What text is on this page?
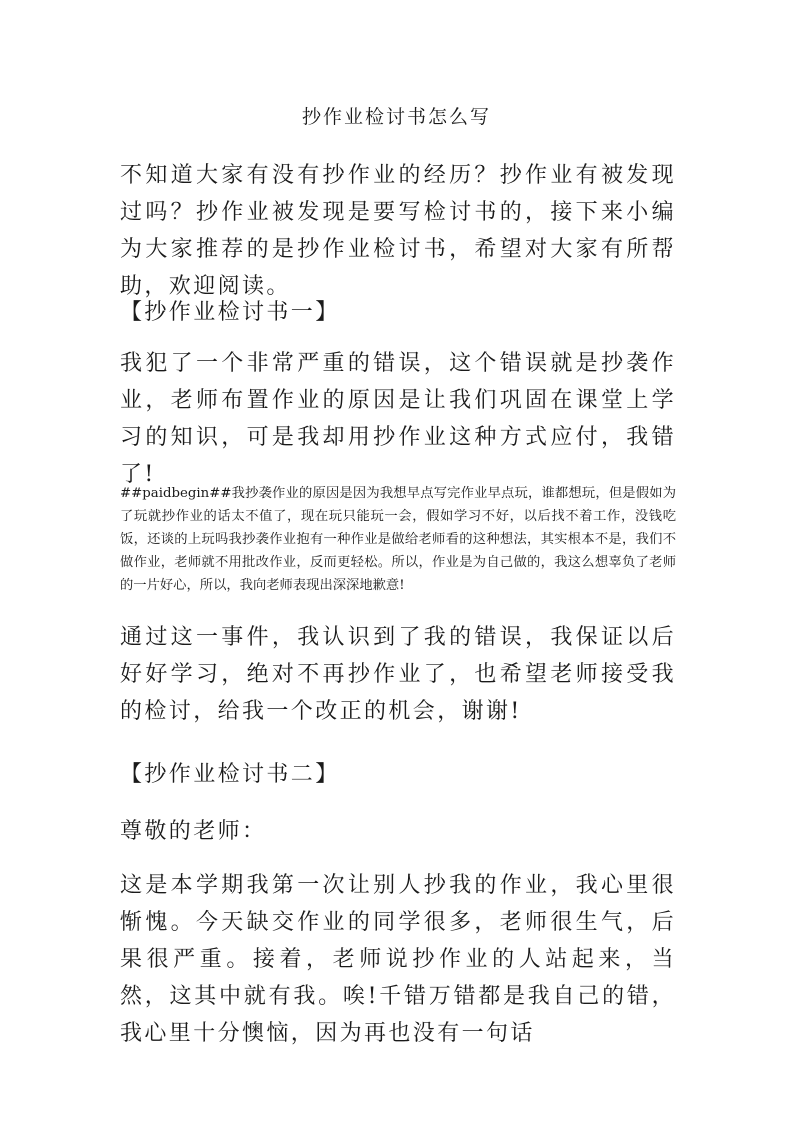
抄作业检讨书怎么写

不知道大家有没有抄作业的经历？抄作业有被发现过吗？抄作业被发现是要写检讨书的，接下来小编为大家推荐的是抄作业检讨书，希望对大家有所帮助，欢迎阅读。

【抄作业检讨书一】

我犯了一个非常严重的错误，这个错误就是抄袭作业，老师布置作业的原因是让我们巩固在课堂上学习的知识，可是我却用抄作业这种方式应付，我错了!

##paidbegin##我抄袭作业的原因是因为我想早点写完作业早点玩，谁都想玩，但是假如为了玩就抄作业的话太不值了，现在玩只能玩一会，假如学习不好，以后找不着工作，没钱吃饭，还谈的上玩吗我抄袭作业抱有一种作业是做给老师看的这种想法，其实根本不是，我们不做作业，老师就不用批改作业，反而更轻松。所以，作业是为自己做的，我这么想辜负了老师的一片好心，所以，我向老师表现出深深地歉意!

通过这一事件，我认识到了我的错误，我保证以后好好学习，绝对不再抄作业了，也希望老师接受我的检讨，给我一个改正的机会，谢谢!

【抄作业检讨书二】

尊敬的老师：

这是本学期我第一次让别人抄我的作业，我心里很惭愧。今天缺交作业的同学很多，老师很生气，后果很严重。接着，老师说抄作业的人站起来，当然，这其中就有我。唉!千错万错都是我自己的错，我心里十分懊恼，因为再也没有一句话
